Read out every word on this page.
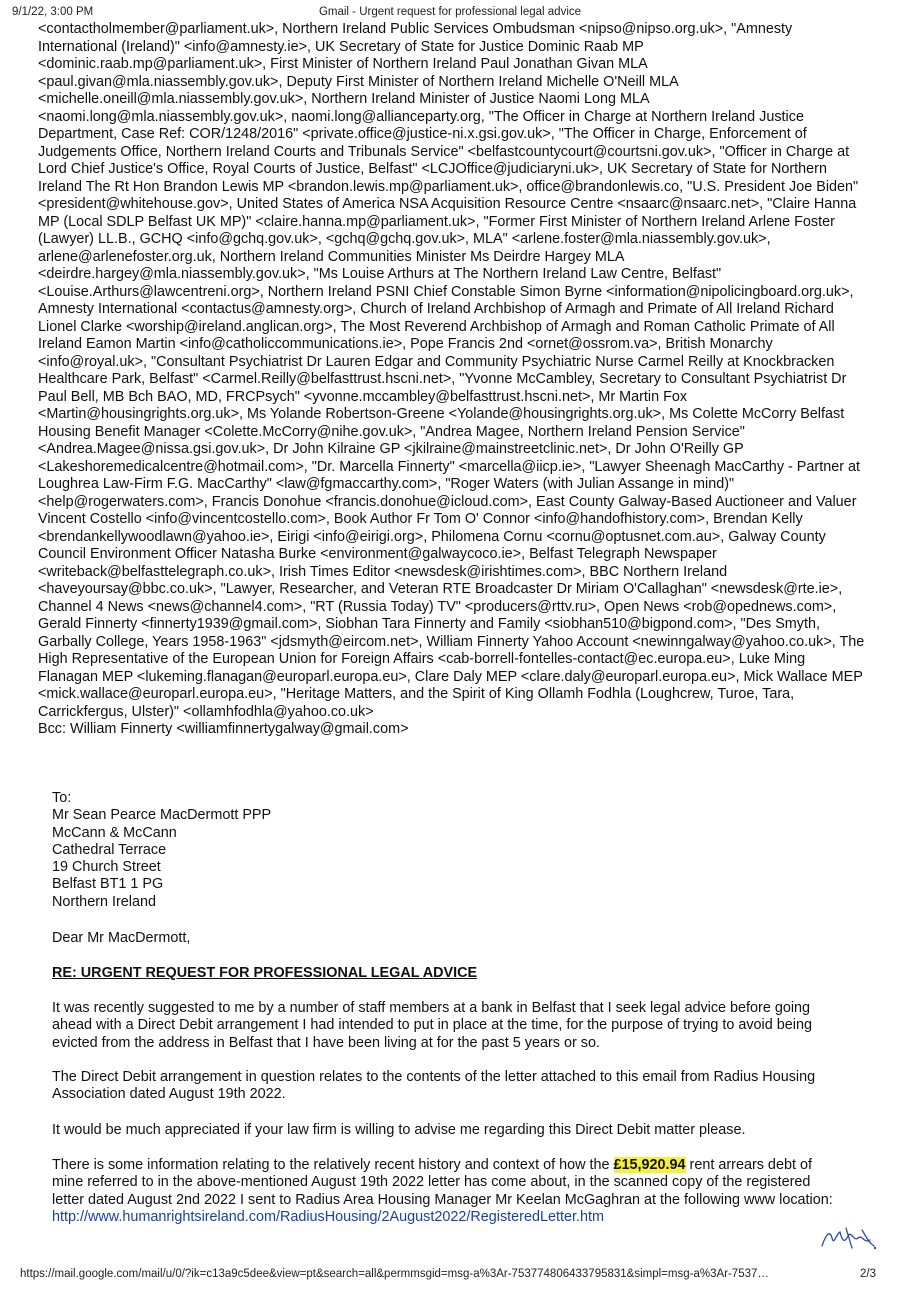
9/1/22, 3:00 PM	Gmail - Urgent request for professional legal advice
<contactholmember@parliament.uk>, Northern Ireland Public Services Ombudsman <nipso@nipso.org.uk>, "Amnesty International (Ireland)" <info@amnesty.ie>, UK Secretary of State for Justice Dominic Raab MP <dominic.raab.mp@parliament.uk>, First Minister of Northern Ireland Paul Jonathan Givan MLA <paul.givan@mla.niassembly.gov.uk>, Deputy First Minister of Northern Ireland Michelle O'Neill MLA <michelle.oneill@mla.niassembly.gov.uk>, Northern Ireland Minister of Justice Naomi Long MLA <naomi.long@mla.niassembly.gov.uk>, naomi.long@allianceparty.org, "The Officer in Charge at Northern Ireland Justice Department, Case Ref: COR/1248/2016" <private.office@justice-ni.x.gsi.gov.uk>, "The Officer in Charge, Enforcement of Judgements Office, Northern Ireland Courts and Tribunals Service" <belfastcountycourt@courtsni.gov.uk>, "Officer in Charge at Lord Chief Justice's Office, Royal Courts of Justice, Belfast" <LCJOffice@judiciaryni.uk>, UK Secretary of State for Northern Ireland The Rt Hon Brandon Lewis MP <brandon.lewis.mp@parliament.uk>, office@brandonlewis.co, "U.S. President Joe Biden" <president@whitehouse.gov>, United States of America NSA Acquisition Resource Centre <nsaarc@nsaarc.net>, "Claire Hanna MP (Local SDLP Belfast UK MP)" <claire.hanna.mp@parliament.uk>, "Former First Minister of Northern Ireland Arlene Foster (Lawyer) LL.B., GCHQ <info@gchq.gov.uk>, <gchq@gchq.gov.uk>, MLA" <arlene.foster@mla.niassembly.gov.uk>, arlene@arlenefoster.org.uk, Northern Ireland Communities Minister Ms Deirdre Hargey MLA <deirdre.hargey@mla.niassembly.gov.uk>, "Ms Louise Arthurs at The Northern Ireland Law Centre, Belfast" <Louise.Arthurs@lawcentreni.org>, Northern Ireland PSNI Chief Constable Simon Byrne <information@nipolicingboard.org.uk>, Amnesty International <contactus@amnesty.org>, Church of Ireland Archbishop of Armagh and Primate of All Ireland Richard Lionel Clarke <worship@ireland.anglican.org>, The Most Reverend Archbishop of Armagh and Roman Catholic Primate of All Ireland Eamon Martin <info@catholiccommunications.ie>, Pope Francis 2nd <ornet@ossrom.va>, British Monarchy <info@royal.uk>, "Consultant Psychiatrist Dr Lauren Edgar and Community Psychiatric Nurse Carmel Reilly at Knockbracken Healthcare Park, Belfast" <Carmel.Reilly@belfasttrust.hscni.net>, "Yvonne McCambley, Secretary to Consultant Psychiatrist Dr Paul Bell, MB Bch BAO, MD, FRCPsych" <yvonne.mccambley@belfasttrust.hscni.net>, Mr Martin Fox <Martin@housingrights.org.uk>, Ms Yolande Robertson-Greene <Yolande@housingrights.org.uk>, Ms Colette McCorry Belfast Housing Benefit Manager <Colette.McCorry@nihe.gov.uk>, "Andrea Magee, Northern Ireland Pension Service" <Andrea.Magee@nissa.gsi.gov.uk>, Dr John Kilraine GP <jkilraine@mainstreetclinic.net>, Dr John O'Reilly GP <Lakeshoremedicalcentre@hotmail.com>, "Dr. Marcella Finnerty" <marcella@iicp.ie>, "Lawyer Sheenagh MacCarthy - Partner at Loughrea Law-Firm F.G. MacCarthy" <law@fgmaccarthy.com>, "Roger Waters (with Julian Assange in mind)" <help@rogerwaters.com>, Francis Donohue <francis.donohue@icloud.com>, East County Galway-Based Auctioneer and Valuer Vincent Costello <info@vincentcostello.com>, Book Author Fr Tom O' Connor <info@handofhistory.com>, Brendan Kelly <brendankellywoodlawn@yahoo.ie>, Eirigi <info@eirigi.org>, Philomena Cornu <cornu@optusnet.com.au>, Galway County Council Environment Officer Natasha Burke <environment@galwaycoco.ie>, Belfast Telegraph Newspaper <writeback@belfasttelegraph.co.uk>, Irish Times Editor <newsdesk@irishtimes.com>, BBC Northern Ireland <haveyoursay@bbc.co.uk>, "Lawyer, Researcher, and Veteran RTE Broadcaster Dr Miriam O'Callaghan" <newsdesk@rte.ie>, Channel 4 News <news@channel4.com>, "RT (Russia Today) TV" <producers@rttv.ru>, Open News <rob@opednews.com>, Gerald Finnerty <finnerty1939@gmail.com>, Siobhan Tara Finnerty and Family <siobhan510@bigpond.com>, "Des Smyth, Garbally College, Years 1958-1963" <jdsmyth@eircom.net>, William Finnerty Yahoo Account <newinngalway@yahoo.co.uk>, The High Representative of the European Union for Foreign Affairs <cab-borrell-fontelles-contact@ec.europa.eu>, Luke Ming Flanagan MEP <lukeming.flanagan@europarl.europa.eu>, Clare Daly MEP <clare.daly@europarl.europa.eu>, Mick Wallace MEP <mick.wallace@europarl.europa.eu>, "Heritage Matters, and the Spirit of King Ollamh Fodhla (Loughcrew, Turoe, Tara, Carrickfergus, Ulster)" <ollamhfodhla@yahoo.co.uk>
Bcc: William Finnerty <williamfinnertygalway@gmail.com>
To:
Mr Sean Pearce MacDermott PPP
McCann & McCann
Cathedral Terrace
19 Church Street
Belfast BT1 1 PG
Northern Ireland
Dear Mr MacDermott,
RE: URGENT REQUEST FOR PROFESSIONAL LEGAL ADVICE
It was recently suggested to me by a number of staff members at a bank in Belfast that I seek legal advice before going ahead with a Direct Debit arrangement I had intended to put in place at the time, for the purpose of trying to avoid being evicted from the address in Belfast that I have been living at for the past 5 years or so.
The Direct Debit arrangement in question relates to the contents of the letter attached to this email from Radius Housing Association dated August 19th 2022.
It would be much appreciated if your law firm is willing to advise me regarding this Direct Debit matter please.
There is some information relating to the relatively recent history and context of how the £15,920.94 rent arrears debt of mine referred to in the above-mentioned August 19th 2022 letter has come about, in the scanned copy of the registered letter dated August 2nd 2022 I sent to Radius Area Housing Manager Mr Keelan McGaghran at the following www location:
http://www.humanrightsireland.com/RadiusHousing/2August2022/RegisteredLetter.htm
https://mail.google.com/mail/u/0/?ik=c13a9c5dee&view=pt&search=all&permmsgid=msg-a%3Ar-753774806433795831&simpl=msg-a%3Ar-7537…	2/3
